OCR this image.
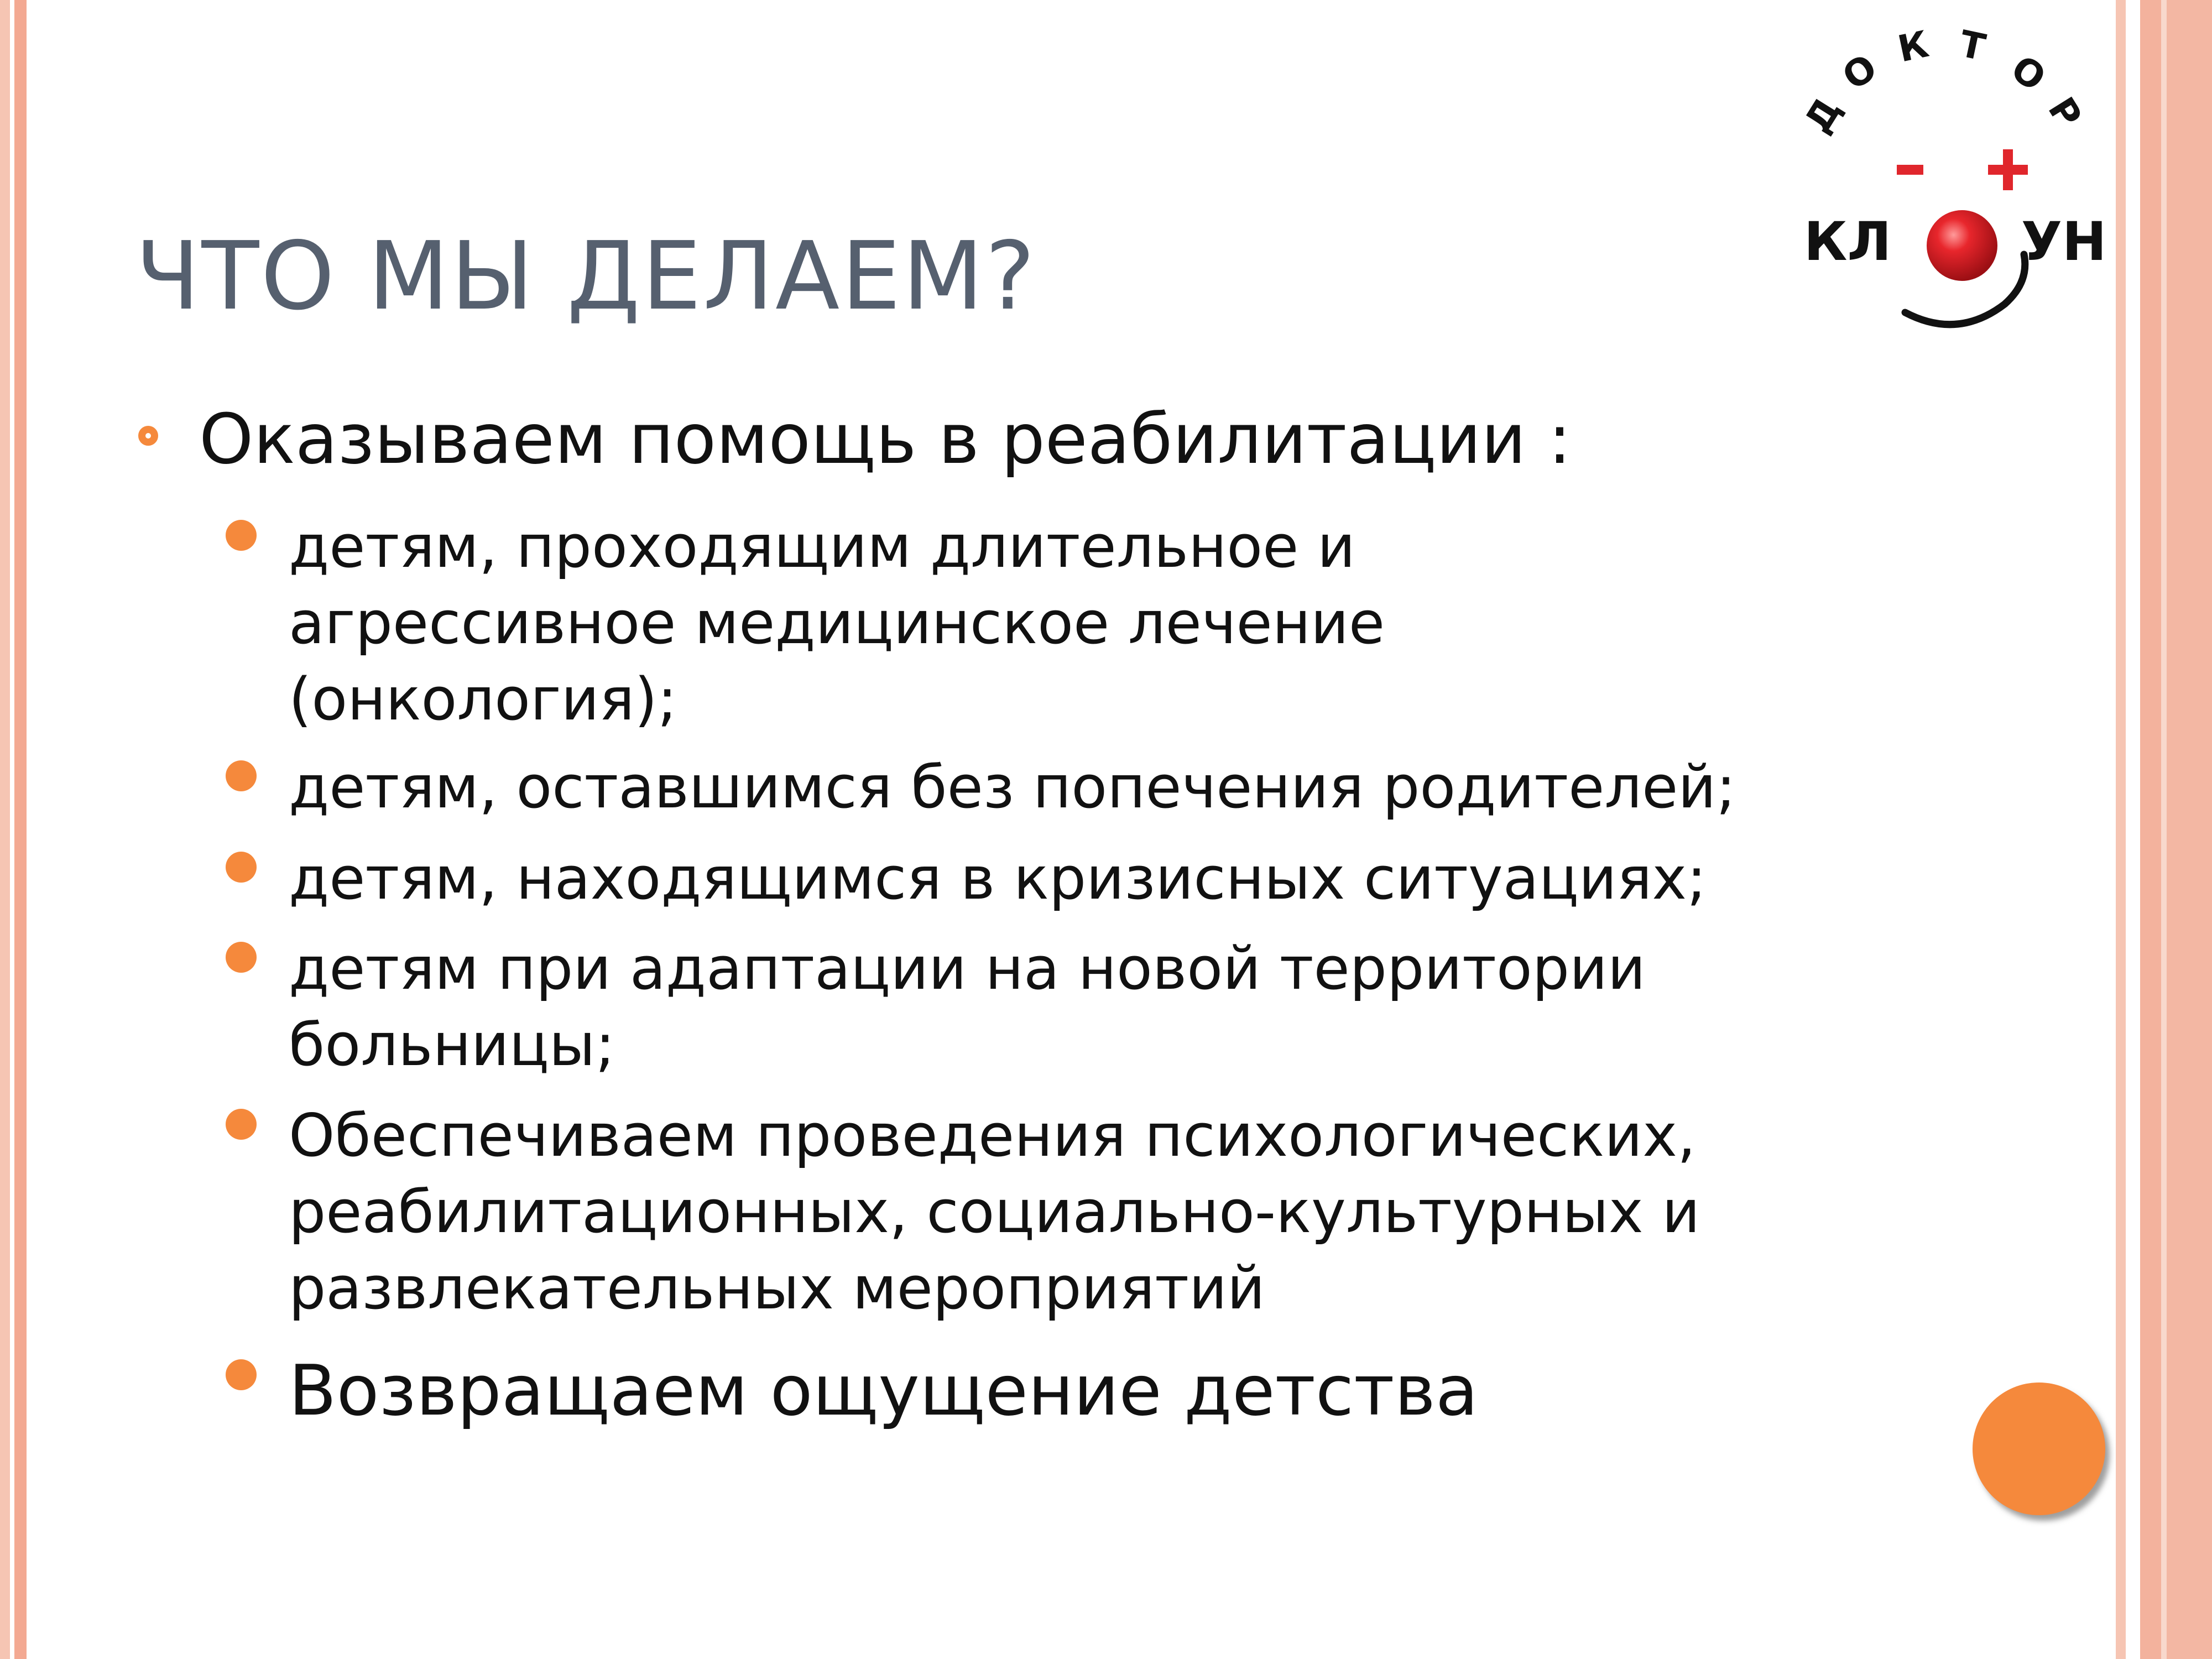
ЧТО МЫ ДЕЛАЕМ?
Оказываем помощь в реабилитации :
детям, проходящим длительное и
агрессивное медицинское лечение
(онкология);
детям, оставшимся без попечения родителей;
детям, находящимся в кризисных ситуациях;
детям при адаптации на новой территории
больницы;
Обеспечиваем проведения психологических,
реабилитационных, социально-культурных и
развлекательных мероприятий
Возвращаем ощущение детства
Д
О К Т
О
Р
КЛ УН
